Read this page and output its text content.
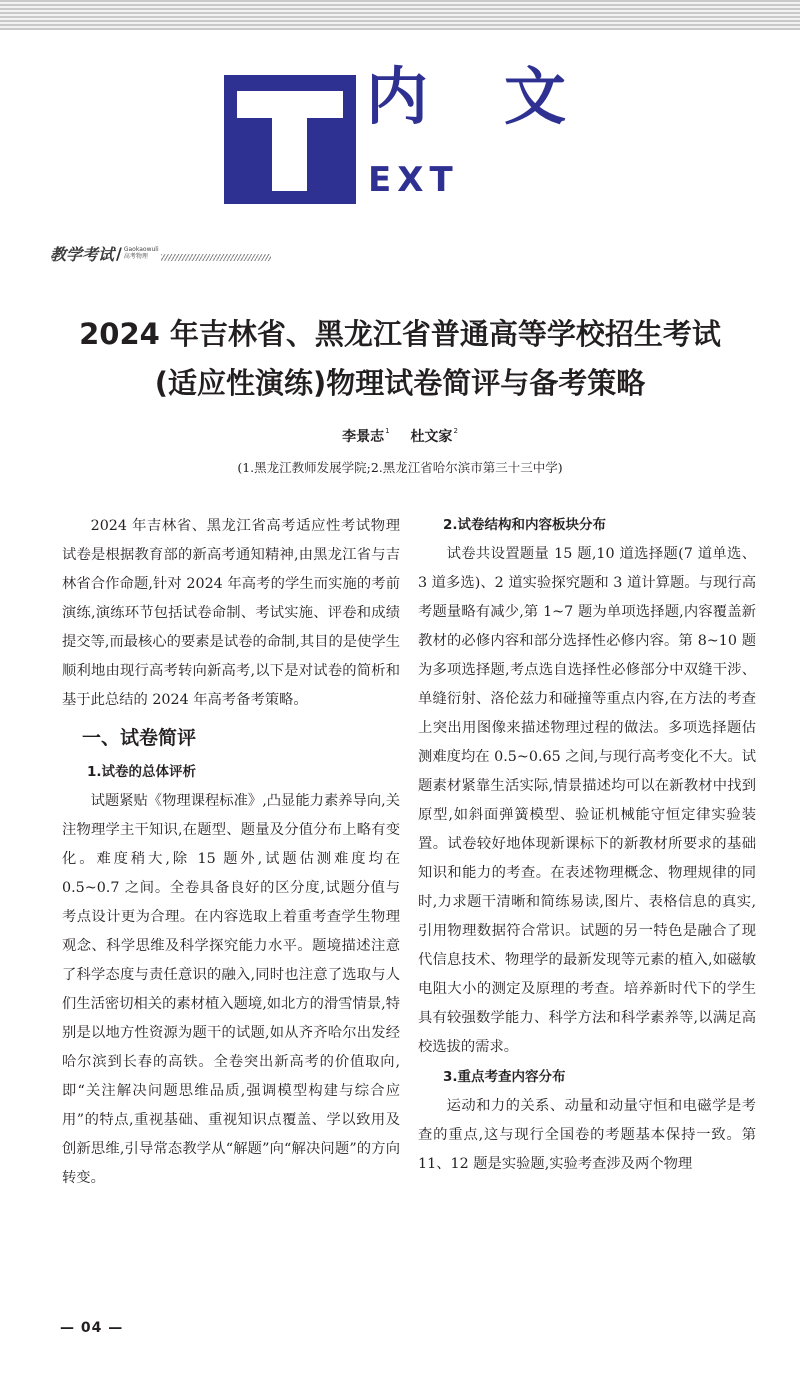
内 文
EXT
教学考试 / Gaokaowuli
高考物理
2024 年吉林省、黑龙江省普通高等学校招生考试
(适应性演练)物理试卷简评与备考策略
李景志$^1$ 杜文家$^2$
(1.黑龙江教师发展学院;2.黑龙江省哈尔滨市第三十三中学)

2024 年吉林省、黑龙江省高考适应性考试物理试卷是根据教育部的新高考通知精神,由黑龙江省与吉林省合作命题,针对 2024 年高考的学生而实施的考前演练,演练环节包括试卷命制、考试实施、评卷和成绩提交等,而最核心的要素是试卷的命制,其目的是使学生顺利地由现行高考转向新高考,以下是对试卷的简析和基于此总结的 2024 年高考备考策略。

一、试卷简评
1.试卷的总体评析

试题紧贴《物理课程标准》,凸显能力素养导向,关注物理学主干知识,在题型、题量及分值分布上略有变化。难度稍大,除 15 题外,试题估测难度均在 0.5~0.7 之间。全卷具备良好的区分度,试题分值与考点设计更为合理。在内容选取上着重考查学生物理观念、科学思维及科学探究能力水平。题境描述注意了科学态度与责任意识的融入,同时也注意了选取与人们生活密切相关的素材植入题境,如北方的滑雪情景,特别是以地方性资源为题干的试题,如从齐齐哈尔出发经哈尔滨到长春的高铁。全卷突出新高考的价值取向,即“关注解决问题思维品质,强调模型构建与综合应用”的特点,重视基础、重视知识点覆盖、学以致用及创新思维,引导常态教学从“解题”向“解决问题”的方向转变。

2.试卷结构和内容板块分布

试卷共设置题量 15 题,10 道选择题(7 道单选、3 道多选)、2 道实验探究题和 3 道计算题。与现行高考题量略有减少,第 1~7 题为单项选择题,内容覆盖新教材的必修内容和部分选择性必修内容。第 8~10 题为多项选择题,考点选自选择性必修部分中双缝干涉、单缝衍射、洛伦兹力和碰撞等重点内容,在方法的考查上突出用图像来描述物理过程的做法。多项选择题估测难度均在 0.5~0.65 之间,与现行高考变化不大。试题素材紧靠生活实际,情景描述均可以在新教材中找到原型,如斜面弹簧模型、验证机械能守恒定律实验装置。试卷较好地体现新课标下的新教材所要求的基础知识和能力的考查。在表述物理概念、物理规律的同时,力求题干清晰和简练易读,图片、表格信息的真实,引用物理数据符合常识。试题的另一特色是融合了现代信息技术、物理学的最新发现等元素的植入,如磁敏电阻大小的测定及原理的考查。培养新时代下的学生具有较强数学能力、科学方法和科学素养等,以满足高校选拔的需求。

3.重点考查内容分布

运动和力的关系、动量和动量守恒和电磁学是考查的重点,这与现行全国卷的考题基本保持一致。第 11、12 题是实验题,实验考查涉及两个物理

— 04 —
